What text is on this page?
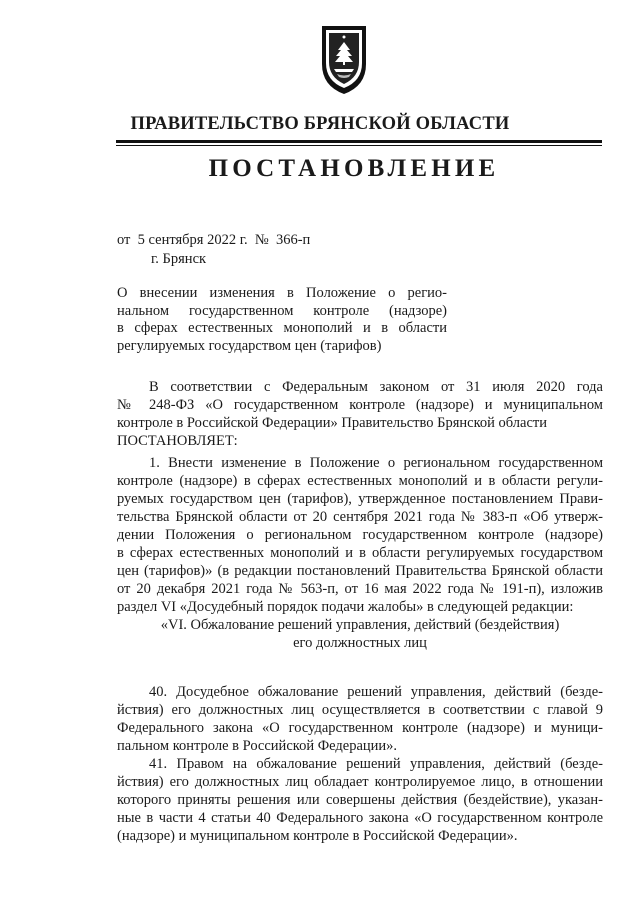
ПРАВИТЕЛЬСТВО БРЯНСКОЙ ОБЛАСТИ
ПОСТАНОВЛЕНИЕ
от  5 сентября 2022 г.  №  366-п
г. Брянск
О внесении изменения в Положение о регио-
нальном государственном контроле (надзоре)
в сферах естественных монополий и в области
регулируемых государством цен (тарифов)
В соответствии с Федеральным законом от 31 июля 2020 года
№ 248-ФЗ «О государственном контроле (надзоре) и муниципальном
контроле в Российской Федерации» Правительство Брянской области
ПОСТАНОВЛЯЕТ:
1. Внести изменение в Положение о региональном государственном
контроле (надзоре) в сферах естественных монополий и в области регули-
руемых государством цен (тарифов), утвержденное постановлением Прави-
тельства Брянской области от 20 сентября 2021 года № 383-п «Об утверж-
дении Положения о региональном государственном контроле (надзоре)
в сферах естественных монополий и в области регулируемых государством
цен (тарифов)» (в редакции постановлений Правительства Брянской области
от 20 декабря 2021 года № 563-п, от 16 мая 2022 года № 191-п), изложив
раздел VI «Досудебный порядок подачи жалобы» в следующей редакции:
«VI. Обжалование решений управления, действий (бездействия)
его должностных лиц
40. Досудебное обжалование решений управления, действий (безде-
йствия) его должностных лиц осуществляется в соответствии с главой 9
Федерального закона «О государственном контроле (надзоре) и муници-
пальном контроле в Российской Федерации».
41. Правом на обжалование решений управления, действий (безде-
йствия) его должностных лиц обладает контролируемое лицо, в отношении
которого приняты решения или совершены действия (бездействие), указан-
ные в части 4 статьи 40 Федерального закона «О государственном контроле
(надзоре) и муниципальном контроле в Российской Федерации».
